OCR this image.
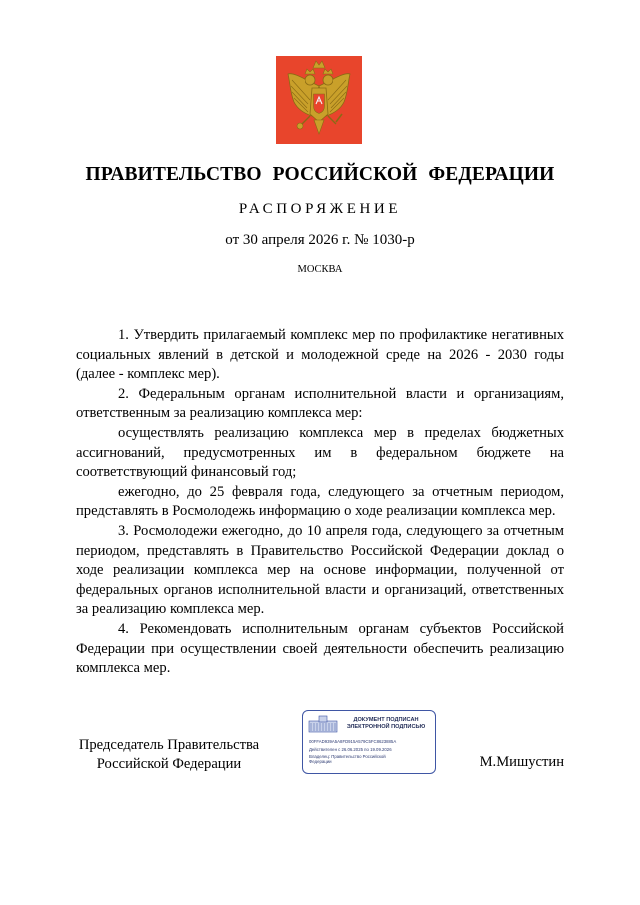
ПРАВИТЕЛЬСТВО РОССИЙСКОЙ ФЕДЕРАЦИИ
РАСПОРЯЖЕНИЕ
от 30 апреля 2026 г. № 1030-р
МОСКВА

1. Утвердить прилагаемый комплекс мер по профилактике негативных социальных явлений в детской и молодежной среде на 2026 - 2030 годы (далее - комплекс мер).

2. Федеральным органам исполнительной власти и организациям, ответственным за реализацию комплекса мер:

осуществлять реализацию комплекса мер в пределах бюджетных ассигнований, предусмотренных им в федеральном бюджете на соответствующий финансовый год;

ежегодно, до 25 февраля года, следующего за отчетным периодом, представлять в Росмолодежь информацию о ходе реализации комплекса мер.

3. Росмолодежи ежегодно, до 10 апреля года, следующего за отчетным периодом, представлять в Правительство Российской Федерации доклад о ходе реализации комплекса мер на основе информации, полученной от федеральных органов исполнительной власти и организаций, ответственных за реализацию комплекса мер.

4. Рекомендовать исполнительным органам субъектов Российской Федерации при осуществлении своей деятельности обеспечить реализацию комплекса мер.

Председатель Правительства
Российской Федерации
ДОКУМЕНТ ПОДПИСАН
ЭЛЕКТРОННОЙ ПОДПИСЬЮ
00FFAD939A5A8FD915A579C5FC8623885A
Действителен с 26.06.2025 по 19.09.2026
Владелец: Правительство Российской
Федерации	М.Мишустин
